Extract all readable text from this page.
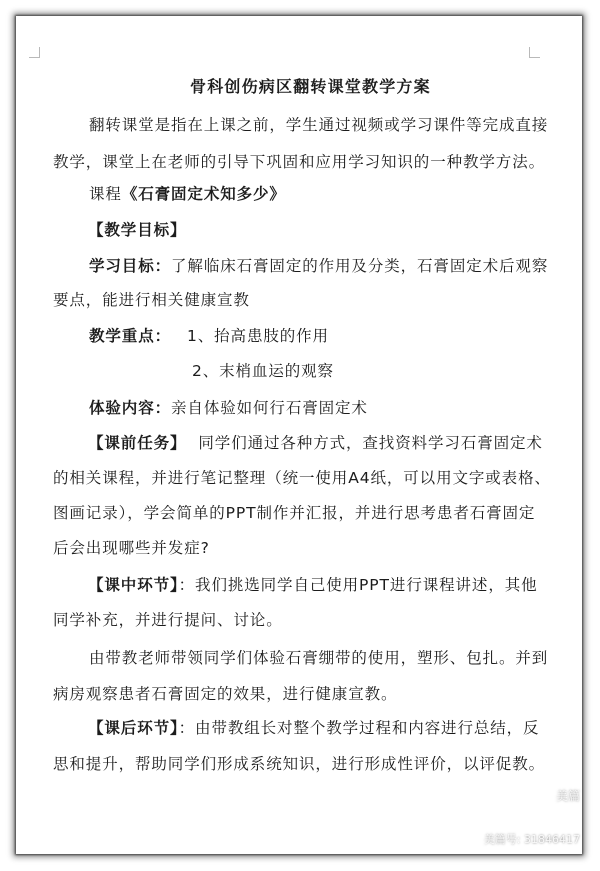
骨科创伤病区翻转课堂教学方案
翻转课堂是指在上课之前，学生通过视频或学习课件等完成直接
教学，课堂上在老师的引导下巩固和应用学习知识的一种教学方法。
课程《石膏固定术知多少》
【教学目标】
学习目标：了解临床石膏固定的作用及分类，石膏固定术后观察
要点，能进行相关健康宣教
教学重点： 1、抬高患肢的作用
2、末梢血运的观察
体验内容：亲自体验如何行石膏固定术
【课前任务】 同学们通过各种方式，查找资料学习石膏固定术
的相关课程，并进行笔记整理（统一使用A4纸，可以用文字或表格、
图画记录），学会简单的PPT制作并汇报，并进行思考患者石膏固定
后会出现哪些并发症?
【课中环节】：我们挑选同学自己使用PPT进行课程讲述，其他
同学补充，并进行提问、讨论。
由带教老师带领同学们体验石膏绷带的使用，塑形、包扎。并到
病房观察患者石膏固定的效果，进行健康宣教。
【课后环节】：由带教组长对整个教学过程和内容进行总结，反
思和提升，帮助同学们形成系统知识，进行形成性评价，以评促教。
美篇
美篇号: 31846417
